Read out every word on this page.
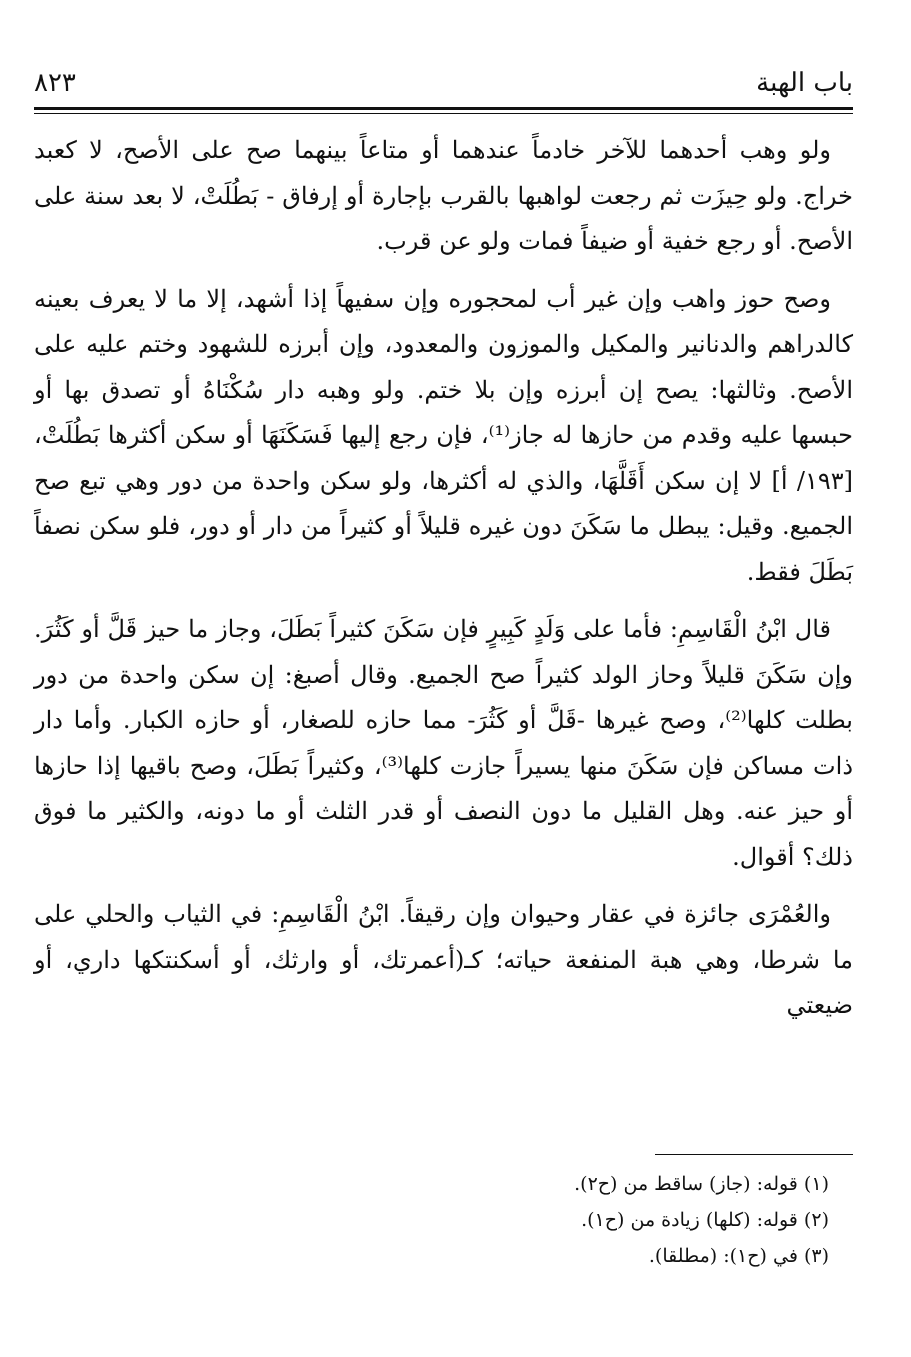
باب الهبة
٨٢٣

ولو وهب أحدهما للآخر خادماً عندهما أو متاعاً بينهما صح على الأصح، لا كعبد خراج. ولو حِيزَت ثم رجعت لواهبها بالقرب بإجارة أو إرفاق - بَطُلَتْ، لا بعد سنة على الأصح. أو رجع خفية أو ضيفاً فمات ولو عن قرب.

وصح حوز واهب وإن غير أب لمحجوره وإن سفيهاً إذا أشهد، إلا ما لا يعرف بعينه كالدراهم والدنانير والمكيل والموزون والمعدود، وإن أبرزه للشهود وختم عليه على الأصح. وثالثها: يصح إن أبرزه وإن بلا ختم. ولو وهبه دار سُكْنَاهُ أو تصدق بها أو حبسها عليه وقدم من حازها له جاز⁽¹⁾، فإن رجع إليها فَسَكَنَهَا أو سكن أكثرها بَطُلَتْ، [١٩٣/ أ] لا إن سكن أَقَلَّهَا، والذي له أكثرها، ولو سكن واحدة من دور وهي تبع صح الجميع. وقيل: يبطل ما سَكَنَ دون غيره قليلاً أو كثيراً من دار أو دور، فلو سكن نصفاً بَطَلَ فقط.

قال ابْنُ الْقَاسِمِ: فأما على وَلَدٍ كَبِيرٍ فإن سَكَنَ كثيراً بَطَلَ، وجاز ما حيز قَلَّ أو كَثُرَ. وإن سَكَنَ قليلاً وحاز الولد كثيراً صح الجميع. وقال أصبغ: إن سكن واحدة من دور بطلت كلها⁽²⁾، وصح غيرها -قَلَّ أو كَثُرَ- مما حازه للصغار، أو حازه الكبار. وأما دار ذات مساكن فإن سَكَنَ منها يسيراً جازت كلها⁽³⁾، وكثيراً بَطَلَ، وصح باقيها إذا حازها أو حيز عنه. وهل القليل ما دون النصف أو قدر الثلث أو ما دونه، والكثير ما فوق ذلك؟ أقوال.

والعُمْرَى جائزة في عقار وحيوان وإن رقيقاً. ابْنُ الْقَاسِمِ: في الثياب والحلي على ما شرطا، وهي هبة المنفعة حياته؛ كـ(أعمرتك، أو وارثك، أو أسكنتكها داري، أو ضيعتي

(١) قوله: (جاز) ساقط من (ح٢).
(٢) قوله: (كلها) زيادة من (ح١).
(٣) في (ح١): (مطلقا).
